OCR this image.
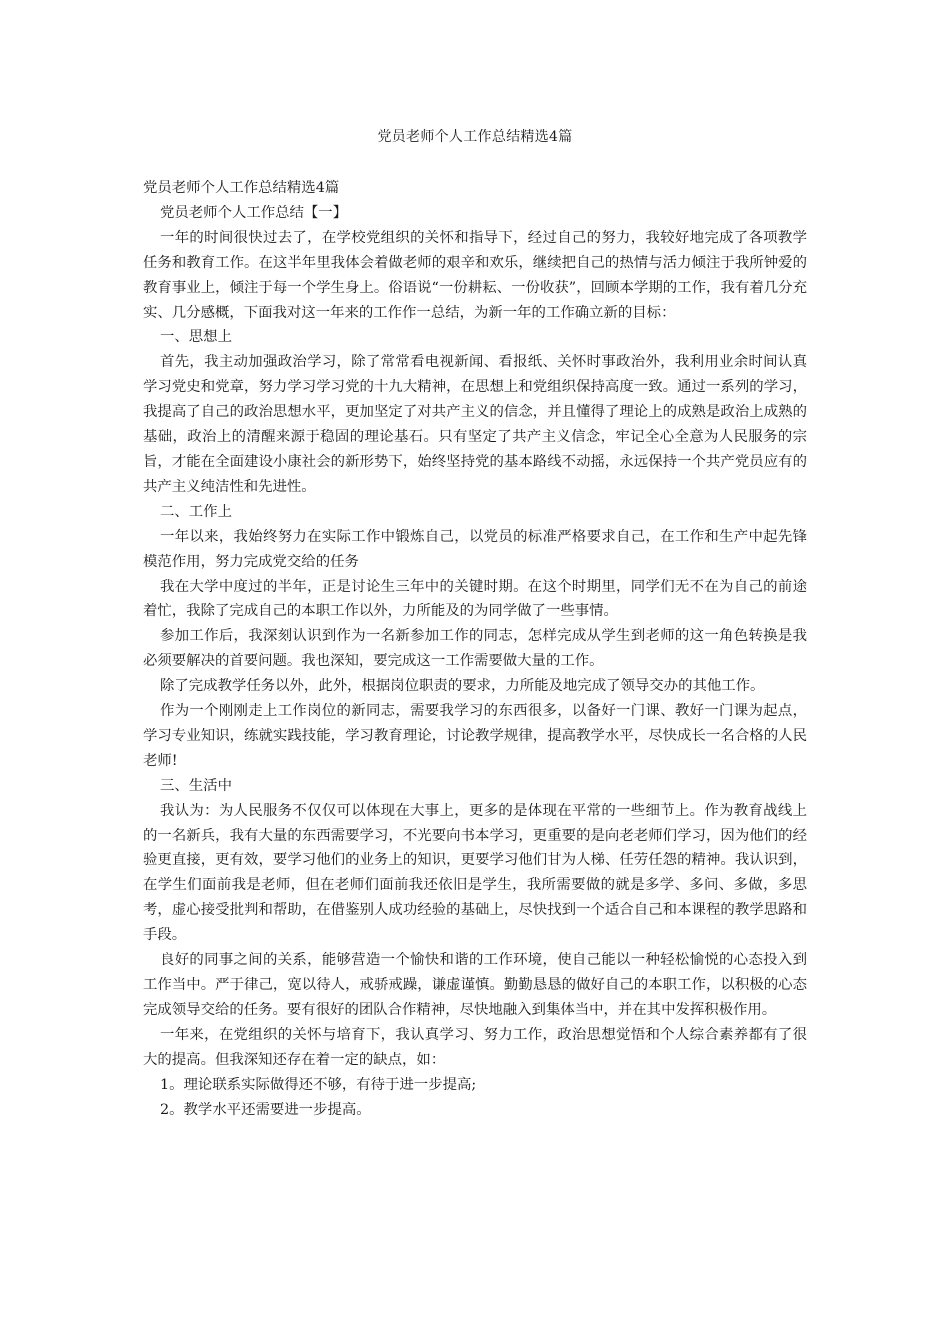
党员老师个人工作总结精选4篇

党员老师个人工作总结精选4篇

党员老师个人工作总结【一】

一年的时间很快过去了，在学校党组织的关怀和指导下，经过自己的努力，我较好地完成了各项教学任务和教育工作。在这半年里我体会着做老师的艰辛和欢乐，继续把自己的热情与活力倾注于我所钟爱的教育事业上，倾注于每一个学生身上。俗语说“一份耕耘、一份收获”，回顾本学期的工作，我有着几分充实、几分感概，下面我对这一年来的工作作一总结，为新一年的工作确立新的目标：

一、思想上

首先，我主动加强政治学习，除了常常看电视新闻、看报纸、关怀时事政治外，我利用业余时间认真学习党史和党章，努力学习学习党的十九大精神，在思想上和党组织保持高度一致。通过一系列的学习，我提高了自己的政治思想水平，更加坚定了对共产主义的信念，并且懂得了理论上的成熟是政治上成熟的基础，政治上的清醒来源于稳固的理论基石。只有坚定了共产主义信念，牢记全心全意为人民服务的宗旨，才能在全面建设小康社会的新形势下，始终坚持党的基本路线不动摇，永远保持一个共产党员应有的共产主义纯洁性和先进性。

二、工作上

一年以来，我始终努力在实际工作中锻炼自己，以党员的标准严格要求自己，在工作和生产中起先锋模范作用，努力完成党交给的任务

我在大学中度过的半年，正是讨论生三年中的关键时期。在这个时期里，同学们无不在为自己的前途着忙，我除了完成自己的本职工作以外，力所能及的为同学做了一些事情。

参加工作后，我深刻认识到作为一名新参加工作的同志，怎样完成从学生到老师的这一角色转换是我必须要解决的首要问题。我也深知，要完成这一工作需要做大量的工作。

除了完成教学任务以外，此外，根据岗位职责的要求，力所能及地完成了领导交办的其他工作。

作为一个刚刚走上工作岗位的新同志，需要我学习的东西很多，以备好一门课、教好一门课为起点，学习专业知识，练就实践技能，学习教育理论，讨论教学规律，提高教学水平，尽快成长一名合格的人民老师!

三、生活中

我认为：为人民服务不仅仅可以体现在大事上，更多的是体现在平常的一些细节上。作为教育战线上的一名新兵，我有大量的东西需要学习，不光要向书本学习，更重要的是向老老师们学习，因为他们的经验更直接，更有效，要学习他们的业务上的知识，更要学习他们甘为人梯、任劳任怨的精神。我认识到，在学生们面前我是老师，但在老师们面前我还依旧是学生，我所需要做的就是多学、多问、多做，多思考，虚心接受批判和帮助，在借鉴别人成功经验的基础上，尽快找到一个适合自己和本课程的教学思路和手段。

良好的同事之间的关系，能够营造一个愉快和谐的工作环境，使自己能以一种轻松愉悦的心态投入到工作当中。严于律己，宽以待人，戒骄戒躁，谦虚谨慎。勤勤恳恳的做好自己的本职工作，以积极的心态完成领导交给的任务。要有很好的团队合作精神，尽快地融入到集体当中，并在其中发挥积极作用。

一年来，在党组织的关怀与培育下，我认真学习、努力工作，政治思想觉悟和个人综合素养都有了很大的提高。但我深知还存在着一定的缺点，如：

1。理论联系实际做得还不够，有待于进一步提高;

2。教学水平还需要进一步提高。
